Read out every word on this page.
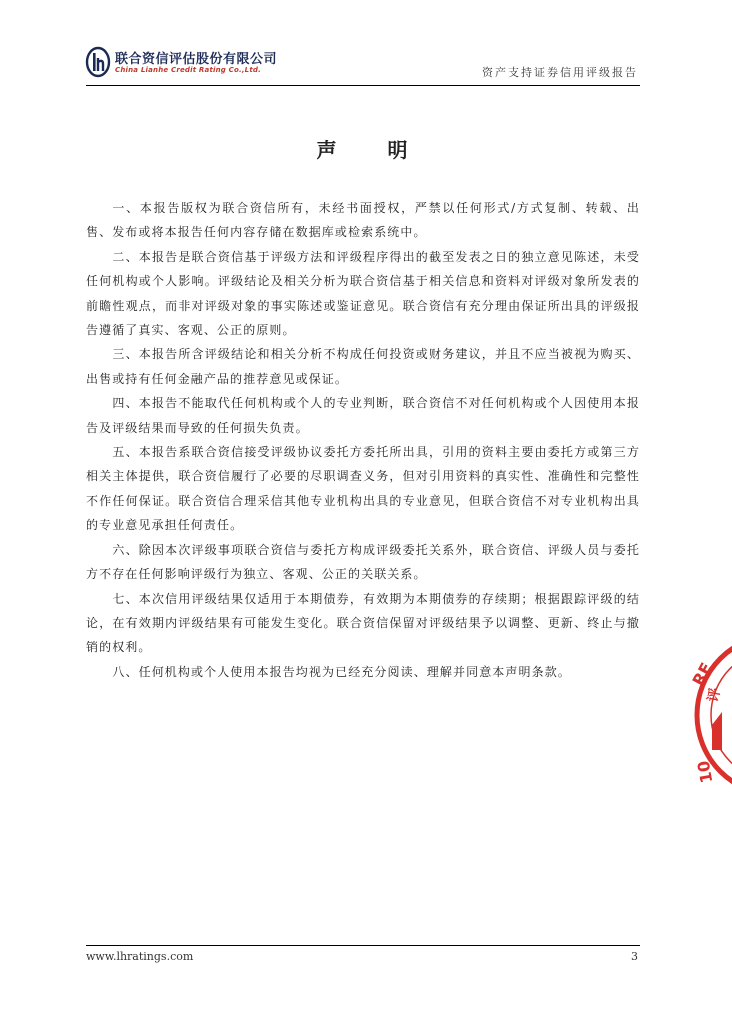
联合资信评估股份有限公司
China Lianhe Credit Rating Co.,Ltd.	资产支持证券信用评级报告
声 明

一、本报告版权为联合资信所有，未经书面授权，严禁以任何形式/方式复制、转载、出售、发布或将本报告任何内容存储在数据库或检索系统中。

二、本报告是联合资信基于评级方法和评级程序得出的截至发表之日的独立意见陈述，未受任何机构或个人影响。评级结论及相关分析为联合资信基于相关信息和资料对评级对象所发表的前瞻性观点，而非对评级对象的事实陈述或鉴证意见。联合资信有充分理由保证所出具的评级报告遵循了真实、客观、公正的原则。

三、本报告所含评级结论和相关分析不构成任何投资或财务建议，并且不应当被视为购买、出售或持有任何金融产品的推荐意见或保证。

四、本报告不能取代任何机构或个人的专业判断，联合资信不对任何机构或个人因使用本报告及评级结果而导致的任何损失负责。

五、本报告系联合资信接受评级协议委托方委托所出具，引用的资料主要由委托方或第三方相关主体提供，联合资信履行了必要的尽职调查义务，但对引用资料的真实性、准确性和完整性不作任何保证。联合资信合理采信其他专业机构出具的专业意见，但联合资信不对专业机构出具的专业意见承担任何责任。

六、除因本次评级事项联合资信与委托方构成评级委托关系外，联合资信、评级人员与委托方不存在任何影响评级行为独立、客观、公正的关联关系。

七、本次信用评级结果仅适用于本期债券，有效期为本期债券的存续期；根据跟踪评级的结论，在有效期内评级结果有可能发生变化。联合资信保留对评级结果予以调整、更新、终止与撤销的权利。

八、任何机构或个人使用本报告均视为已经充分阅读、理解并同意本声明条款。

www.lhratings.com	3
RE
评
10
